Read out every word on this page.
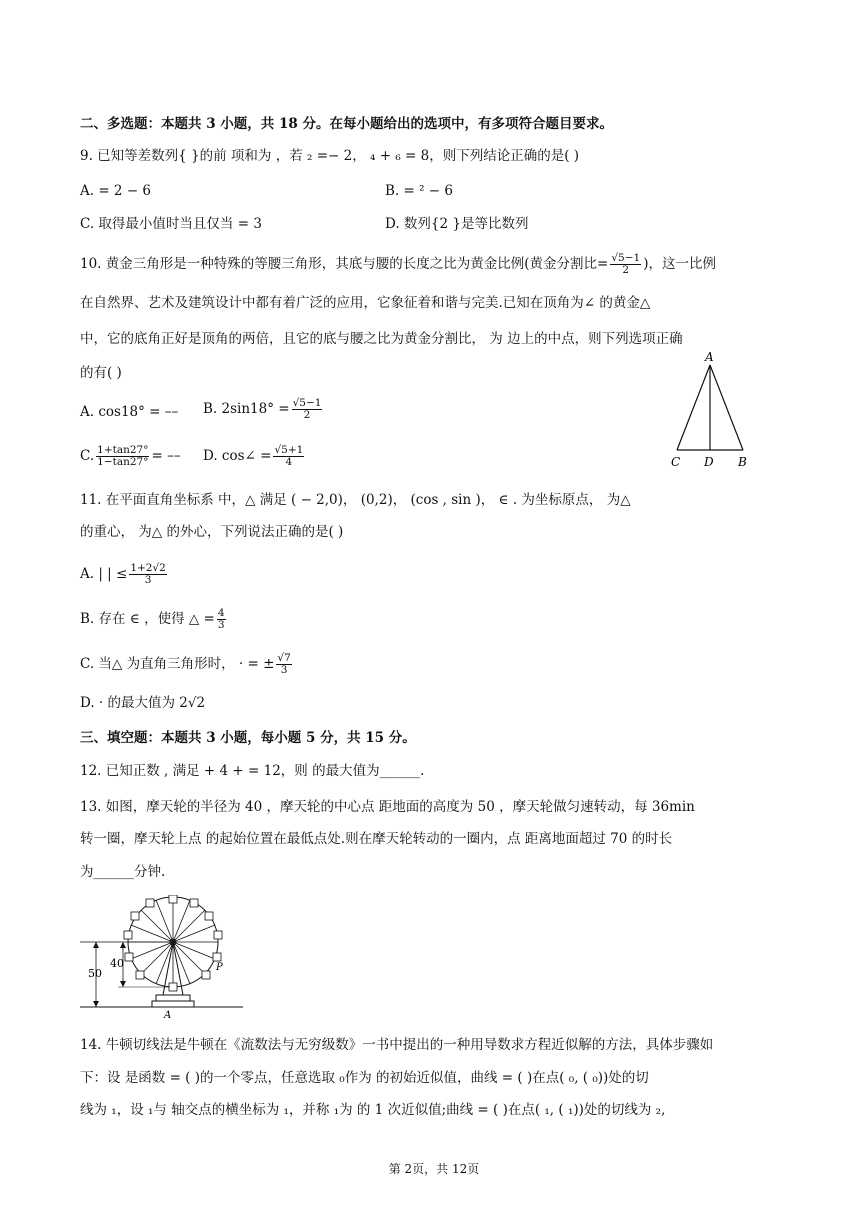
二、多选题：本题共 3 小题，共 18 分。在每小题给出的选项中，有多项符合题目要求。
9. 已知等差数列{ }的前 项和为 ，若 ₂ =− 2， ₄ + ₆ = 8，则下列结论正确的是( )
A. = 2 − 6	B. = ² − 6
C. 取得最小值时当且仅当 = 3	D. 数列{2 }是等比数列
10. 黄金三角形是一种特殊的等腰三角形，其底与腰的长度之比为黄金比例(黄金分割比= $\frac{√5-1}{2}$ )，这一比例
在自然界、艺术及建筑设计中都有着广泛的应用，它象征着和谐与完美.已知在顶角为∠ 的黄金△
中，它的底角正好是顶角的两倍，且它的底与腰之比为黄金分割比， 为 边上的中点，则下列选项正确
的有( )
A. cos18° = –– B. $2\sin 18^\circ = \frac{√5-1}{2}$
C. $\frac{1+\tan 27^\circ}{1-\tan 27^\circ}$ = –– D. cos∠ = $\frac{√5+1}{4}$
A
C D B
11. 在平面直角坐标系 中，△ 满足 ( − 2,0)， (0,2)， (cos , sin )， ∈ . 为坐标原点， 为△
的重心， 为△ 的外心，下列说法正确的是( )
A. | | ≤ $\frac{1+2√2}{3}$
B. 存在 ∈ ，使得 △ = $\frac{4}{3}$
C. 当△ 为直角三角形时， · = ± $\frac{√7}{3}$
D. · 的最大值为 2√2
三、填空题：本题共 3 小题，每小题 5 分，共 15 分。
12. 已知正数 , 满足 + 4 + = 12，则 的最大值为______.
13. 如图，摩天轮的半径为 40 ，摩天轮的中心点 距地面的高度为 50 ，摩天轮做匀速转动，每 36min
转一圈，摩天轮上点 的起始位置在最低点处.则在摩天轮转动的一圈内，点 距离地面超过 70 的时长
为______分钟.
50
40	P
A
14. 牛顿切线法是牛顿在《流数法与无穷级数》一书中提出的一种用导数求方程近似解的方法，具体步骤如
下：设 是函数 = ( )的一个零点，任意选取 ₀作为 的初始近似值，曲线 = ( )在点( ₀, ( ₀))处的切
线为 ₁，设 ₁与 轴交点的横坐标为 ₁，并称 ₁为 的 1 次近似值;曲线 = ( )在点( ₁, ( ₁))处的切线为 ₂,
第 2页，共 12页
